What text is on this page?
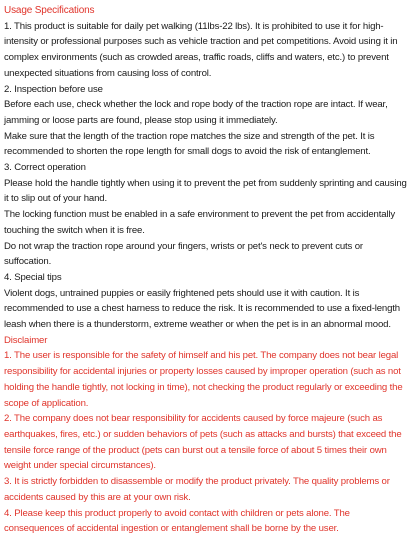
Usage Specifications

1. This product is suitable for daily pet walking (11lbs-22 lbs). It is prohibited to use it for high-intensity or professional purposes such as vehicle traction and pet competitions. Avoid using it in complex environments (such as crowded areas, traffic roads, cliffs and waters, etc.) to prevent unexpected situations from causing loss of control.

2. Inspection before use

Before each use, check whether the lock and rope body of the traction rope are intact. If wear, jamming or loose parts are found, please stop using it immediately.

Make sure that the length of the traction rope matches the size and strength of the pet. It is recommended to shorten the rope length for small dogs to avoid the risk of entanglement.

3. Correct operation

Please hold the handle tightly when using it to prevent the pet from suddenly sprinting and causing it to slip out of your hand.

The locking function must be enabled in a safe environment to prevent the pet from accidentally touching the switch when it is free.

Do not wrap the traction rope around your fingers, wrists or pet's neck to prevent cuts or suffocation.

4. Special tips

Violent dogs, untrained puppies or easily frightened pets should use it with caution. It is recommended to use a chest harness to reduce the risk. It is recommended to use a fixed-length leash when there is a thunderstorm, extreme weather or when the pet is in an abnormal mood.

Disclaimer

1. The user is responsible for the safety of himself and his pet. The company does not bear legal responsibility for accidental injuries or property losses caused by improper operation (such as not holding the handle tightly, not locking in time), not checking the product regularly or exceeding the scope of application.

2. The company does not bear responsibility for accidents caused by force majeure (such as earthquakes, fires, etc.) or sudden behaviors of pets (such as attacks and bursts) that exceed the tensile force range of the product (pets can burst out a tensile force of about 5 times their own weight under special circumstances).

3. It is strictly forbidden to disassemble or modify the product privately. The quality problems or accidents caused by this are at your own risk.

4. Please keep this product properly to avoid contact with children or pets alone. The consequences of accidental ingestion or entanglement shall be borne by the user.
